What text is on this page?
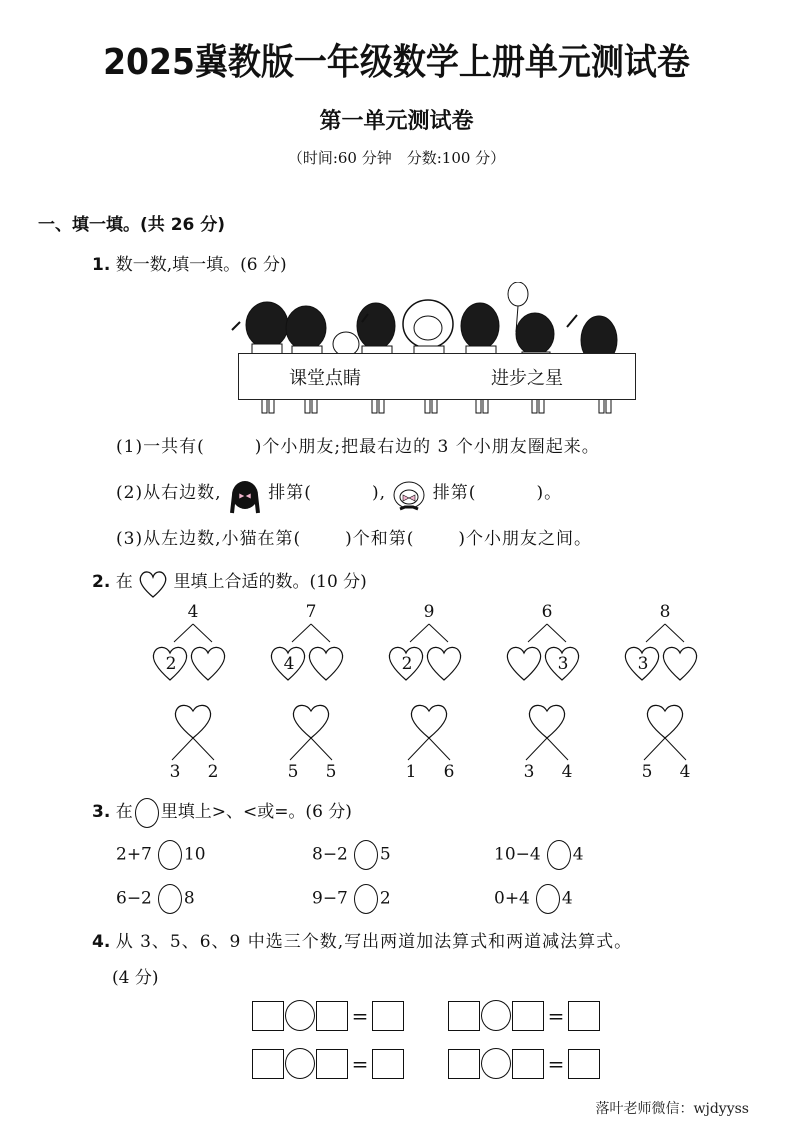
2025冀教版一年级数学上册单元测试卷
第一单元测试卷
（时间:60 分钟　分数:100 分）
一、填一填。(共 26 分)
1. 数一数,填一填。(6 分)
课堂点睛	进步之星
(1)一共有(	)个小朋友;把最右边的 3 个小朋友圈起来。
(2)从右边数,	排第(	),	排第(	)。
(3)从左边数,小猫在第(	)个和第(	)个小朋友之间。
2. 在 里填上合适的数。(10 分)
4
2
7
4
9
2
6
3
8
3
3 2	5 5	1 6	3 4	5 4
3. 在 里填上>、<或=。(6 分)
2+7 10	8−2 5	10−4 4
6−2 8	9−7 2	0+4 4
4. 从 3、5、6、9 中选三个数,写出两道加法算式和两道减法算式。
(4 分)
=	=
=	=
落叶老师微信：wjdyyss
